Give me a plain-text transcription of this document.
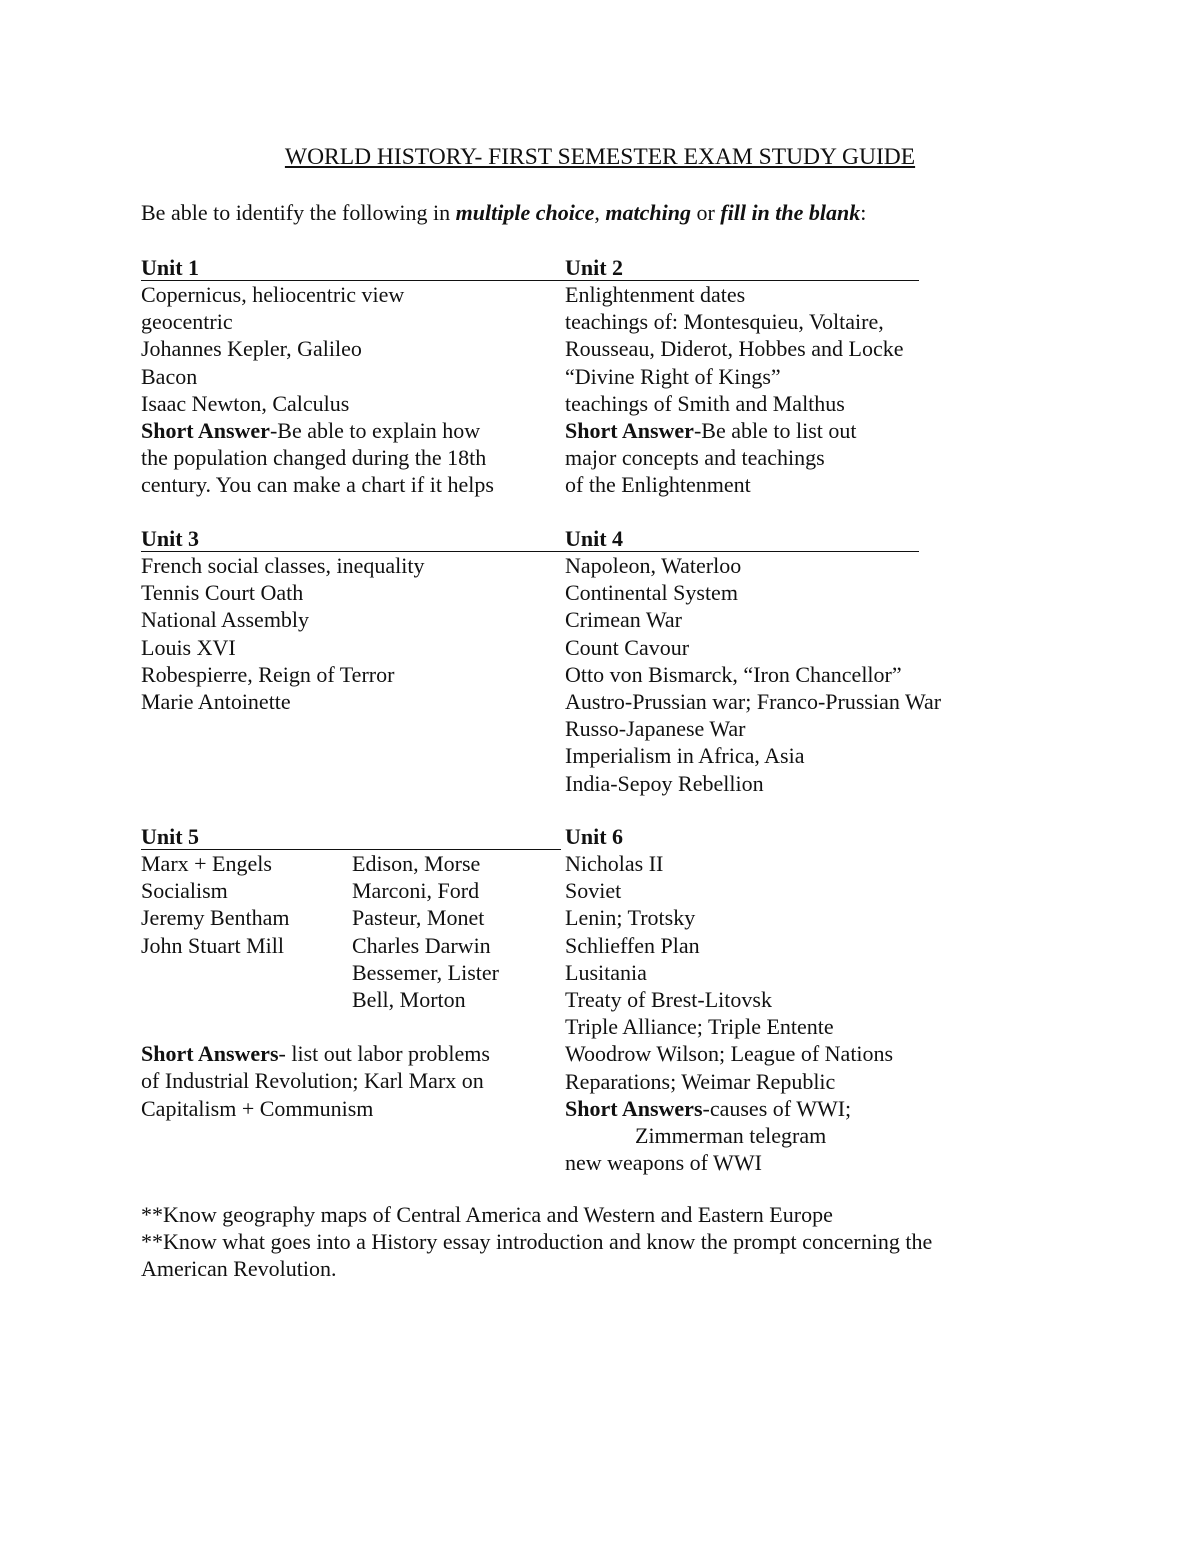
WORLD HISTORY- FIRST SEMESTER EXAM STUDY GUIDE
Be able to identify the following in multiple choice, matching or fill in the blank:
Unit 1
Copernicus, heliocentric view
geocentric
Johannes Kepler, Galileo
Bacon
Isaac Newton, Calculus
Short Answer-Be able to explain how
the population changed during the 18th
century. You can make a chart if it helps
Unit 2
Enlightenment dates
teachings of: Montesquieu, Voltaire,
Rousseau, Diderot, Hobbes and Locke
“Divine Right of Kings”
teachings of Smith and Malthus
Short Answer-Be able to list out
major concepts and teachings
of the Enlightenment
Unit 3
French social classes, inequality
Tennis Court Oath
National Assembly
Louis XVI
Robespierre, Reign of Terror
Marie Antoinette
Unit 4
Napoleon, Waterloo
Continental System
Crimean War
Count Cavour
Otto von Bismarck, “Iron Chancellor”
Austro-Prussian war; Franco-Prussian War
Russo-Japanese War
Imperialism in Africa, Asia
India-Sepoy Rebellion
Unit 5
Marx + Engels
Socialism
Jeremy Bentham
John Stuart Mill
Edison, Morse
Marconi, Ford
Pasteur, Monet
Charles Darwin
Bessemer, Lister
Bell, Morton
Short Answers- list out labor problems
of Industrial Revolution; Karl Marx on
Capitalism + Communism
Unit 6
Nicholas II
Soviet
Lenin; Trotsky
Schlieffen Plan
Lusitania
Treaty of Brest-Litovsk
Triple Alliance; Triple Entente
Woodrow Wilson; League of Nations
Reparations; Weimar Republic
Short Answers-causes of WWI;
Zimmerman telegram
new weapons of WWI
**Know geography maps of Central America and Western and Eastern Europe
**Know what goes into a History essay introduction and know the prompt concerning the
American Revolution.
